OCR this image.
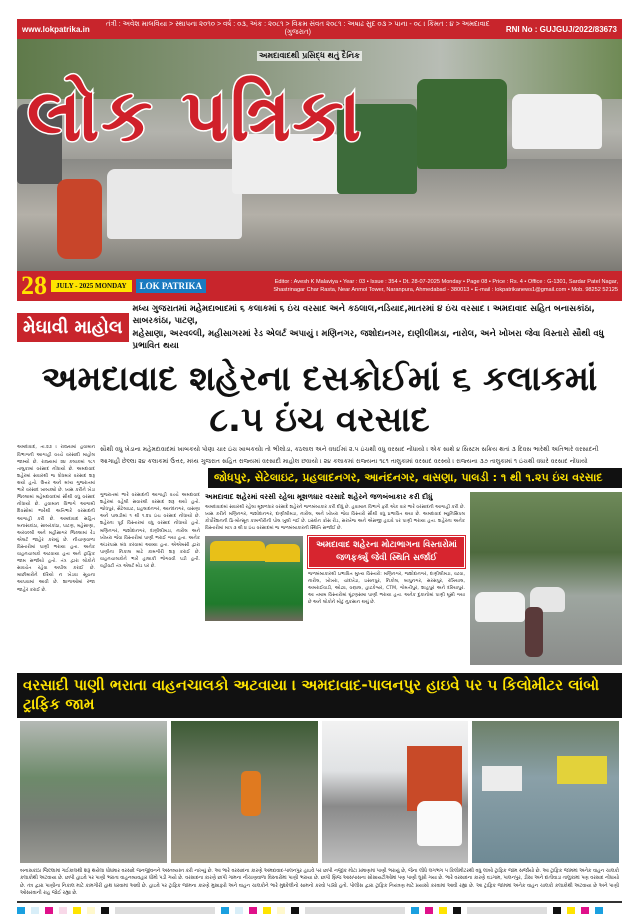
www.lokpatrika.in	તંત્રી : અવેશ માલવિયા > સ્થાપના ૨૦૧૦ > વર્ષ : ૦૩, અંક : ૨૦૮૧ > વિક્રમ સંવત ૨૦૮૧ : અષાઢ સુદ ૦૩ > પાના - ૦૮ । કિંમત : ૪ > અમદાવાદ (ગુજરાત)	RNI No : GUJGUJ/2022/83673
અમદાવાદથી પ્રસિદ્ધ થતું દૈનિક
લોક પત્રિકા
28	JULY - 2025 MONDAY	LOK PATRIKA	Editor : Avesh K Malaviya • Year : 03 • Issue : 354 • Dt. 28-07-2025 Monday • Page 08 • Price : Rs. 4 • Office : G-1301, Sardar Patel Nagar,
Shastrinagar Char Rasta, Near Anmol Tower, Naranpura, Ahmedabad - 380013 • E-mail : lokpatrikanews1@gmail.com • Mob. 98252 52125
મેઘાવી માહોલ
મધ્ય ગુજરાતમાં મહેમદાબાદમાં ૬ કલાકમાં ૬ ઇંચ વરસાદ અને કઠલાલ,નડિયાદ,માતરમાં ૪ ઇંચ વરસાદ । અમદાવાદ સહિત બનાસકાંઠા, સાબરકાંઠા, પાટણ,
મહેસાણા, અરવલ્લી, મહીસાગરમાં રેડ એલર્ટ અપાયું । મણિનગર, જશોદાનગર, દાણીલીમડા, નારોલ, અને ખોખરા જેવા વિસ્તારો સૌથી વધુ પ્રભાવિત થયા
અમદાવાદ શહેરના દસક્રોઈમાં ૬ કલાકમાં ૮.૫ ઇંચ વરસાદ
અમદાવાદ, તા.૨૭ । રાજ્યમાં હવામાન વિભાગની આગાહી વચ્ચે વરસાદી માહોલ જામ્યો છે. રાજ્યમાં ૨૪ કલાકમાં ૧૮૧ તાલુકામાં વરસાદ નોંધાયો છે. અમદાવાદ શહેરમાં સવારથી જ ધોધમાર વરસાદ શરૂ થયો હતો. ઉત્તર અને મધ્ય ગુજરાતમાં ભારે વરસાદ ખાબક્યો છે. ખાસ કરીને ખેડા જિલ્લામાં મહેમદાવાદમાં સૌથી વધુ વરસાદ નોંધાયો છે. હવામાન વિભાગે આગામી દિવસોમાં ભારેથી અતિભારે વરસાદની આગાહી કરી છે. અમદાવાદ સહિત બનાસકાંઠા, સાબરકાંઠા, પાટણ, મહેસાણા, અરવલ્લી અને મહીસાગર જિલ્લામાં રેડ એલર્ટ જાહેર કરાયું છે. નીચાણવાળા વિસ્તારોમાં પાણી ભરાયા હતા. અનેક વાહનચાલકો અટવાયા હતા અને ટ્રાફિક જામ સર્જાયો હતો. તંત્ર દ્વારા લોકોને સાવચેત રહેવા અપીલ કરાઈ છે. માછીમારોને દરિયો ન ખેડવા સૂચના આપવામાં આવી છે. શાળાઓમાં રજા જાહેર કરાઈ છે.
સૌથી વધુ ખેડાના મહેમદાવાદમાં ખાબકયો પોણા ચાર ઇંચ ખાબકયો। તો ભીલોડા, કઠલાલ અને વઘઈમાં ૨.૫ ઇંચથી વધુ વરસાદ નોંધાયો । એક સાથે ૪ સિસ્ટમ સક્રિય થતાં ૩ દિવસ ભારેથી અતિભારે વરસાદની
આગાહી છેલ્લા ૨૪ કલાકમાં ઉત્તર, મધ્ય ગુજરાત સહિત રાજ્યમાં વરસાદી માહોલ છવાયો । ૨૪ કલાકમાં રાજ્યના ૧૮૧ તાલુકામાં વરસાદ વરસ્યો । રાજ્યના ૩૭ તાલુકામાં ૧ ઇંચથી વધારે વરસાદ નોંધાયો
જોધપુર, સેટેલાઇટ, પ્રહલાદનગર, આનંદનગર, વાસણા, પાલડી : ૧ થી ૧.૨૫ ઇંચ વરસાદ
ગુજરાતમાં ભારે વરસાદની આગાહી વચ્ચે અમદાવાદ શહેરમાં વહેલી સવારથી વરસાદ શરૂ થયો હતો. જોધપુર, સેટેલાઇટ, પ્રહલાદનગર, આનંદનગર, વાસણા અને પાલડીમાં ૧ થી ૧.૨૫ ઇંચ વરસાદ નોંધાયો છે. શહેરના પૂર્વ વિસ્તારમાં વધુ વરસાદ નોંધાયો હતો. મણિનગર, જશોદાનગર, દાણીલીમડા, નારોલ અને ખોખરા જેવા વિસ્તારોમાં પાણી ભરાઈ ગયા હતા. અનેક અંડરપાસ બંધ કરવામાં આવ્યા હતા. એએમસી દ્વારા પાણીના નિકાલ માટે કામગીરી શરૂ કરાઈ છે. વાહનચાલકોને ભારે હાલાકી ભોગવવી પડી હતી. વહીવટી તંત્ર એલર્ટ મોડ પર છે.
અમદાવાદ શહેરમાં વરસી રહેલા મૂશળધાર વરસાદે શહેરને જળબંબાકાર કરી દીધું
અમદાવાદમાં સવારથી રહેલા મૂશળધાર વરસાદે શહેરને જળબંબાકાર કરી દીધું છે. હવામાન વિભાગે ફરી એક વાર ભારે વરસાદની આગાહી કરી છે. ખાસ કરીને મણિનગર, જશોદાનગર, દાણીલીમડા, નારોલ, અને ખોખરા જેવા વિસ્તારો સૌથી વધુ પ્રભાવિત થયા છે. અમદાવાદ મ્યુનિસિપલ કોર્પોરેશનની પ્રિ-મોન્સૂન કામગીરીની પોલ ખુલી ગઈ છે. ઇસ્કોન ક્રોસ રોડ, સરખેજ અને એસજી હાઇવે પર પાણી ભરાયા હતા. શહેરના અનેક વિસ્તારોમાં માત્ર ૩ થી ૪ ઇંચ વરસાદમાં જ જળબંબાકારની સ્થિતિ સર્જાઈ છે.
અમદાવાદ શહેરના મોટાભાગના વિસ્તારોમાં જળફર્ક્યુ જેવી સ્થિતિ સર્જાઈ
જળબંબાકારથી પ્રભાવિત મુખ્ય વિસ્તારો: મણિનગર, જશોદાનગર, દાણીલીમડા, વટવા, નારોલ, ખોખરા, ચાંદખેડા, ઇસનપુર, નિકોલ, બાપુનગર, સરસપુર, રખિયાલ, અમરાઈવાડી, ઓઢવ, વસ્ત્રાલ, હાટકેશ્વર, CTM, ગોમતીપુર, શાહપુર અને દરિયાપુર. આ તમામ વિસ્તારોમાં ઘૂંટણસમા પાણી ભરાયા હતા. અનેક દુકાનોમાં પાણી ઘૂસી ગયા છે અને લોકોને મોટું નુકસાન થયું છે.
વરસાદી પાણી ભરાતા વાહનચાલકો અટવાયા । અમદાવાદ-પાલનપુર હાઇવે પર ૫ કિલોમીટર લાંબો ટ્રાફિક જામ
બનાસકાંઠા જિલ્લામાં ગઈકાલથી શરૂ થયેલા ધોધમાર વરસાદે જનજીવનને અસ્તવ્યસ્ત કરી નાખ્યું છે. આ ભારે વરસાદના કારણે અમદાવાદ-પાલનપુર હાઇવે પર છાપી નજીક મોટા પ્રમાણમાં પાણી ભરાયું છે, જેના લીધે લગભગ ૫ કિલોમીટરથી વધુ લાંબો ટ્રાફિક જામ સર્જાયો છે. આ ટ્રાફિક જામમાં અનેક વાહન ચાલકો કલાકોથી અટવાયા છે. છાપી હાઇવે પર પાણી ભરાતા વાહનવ્યવહાર ધીમો પડી ગયો છે. વરસાદના કારણે છાપી ગામના નીચાણવાળા વિસ્તારોમાં પાણી ભરાયા છે. છાપી બ્રિજ આસપાસના સોસાયટીઓમાં પણ પાણી ઘૂસી ગયા છે. ભારે વરસાદના કારણે વડગામ, પાલનપુર, ડીસા અને દાંતીવાડા તાલુકામાં પણ વરસાદ નોંધાયો છે. તંત્ર દ્વારા પાણીના નિકાલ માટે કામગીરી હાથ ધરવામાં આવી છે. હાઇવે પર ટ્રાફિક જામના કારણે મુસાફરો અને વાહન ચાલકોને ભારે મુશ્કેલીનો સામનો કરવો પડ્યો હતો. પોલીસ દ્વારા ટ્રાફિક નિયંત્રણ માટે પ્રયાસો કરવામાં આવી રહ્યા છે. આ ટ્રાફિક જામમાં અનેક વાહન ચાલકો કલાકોથી અટવાયા છે અને પાણી ઓસરવાની રાહ જોઈ રહ્યા છે.
